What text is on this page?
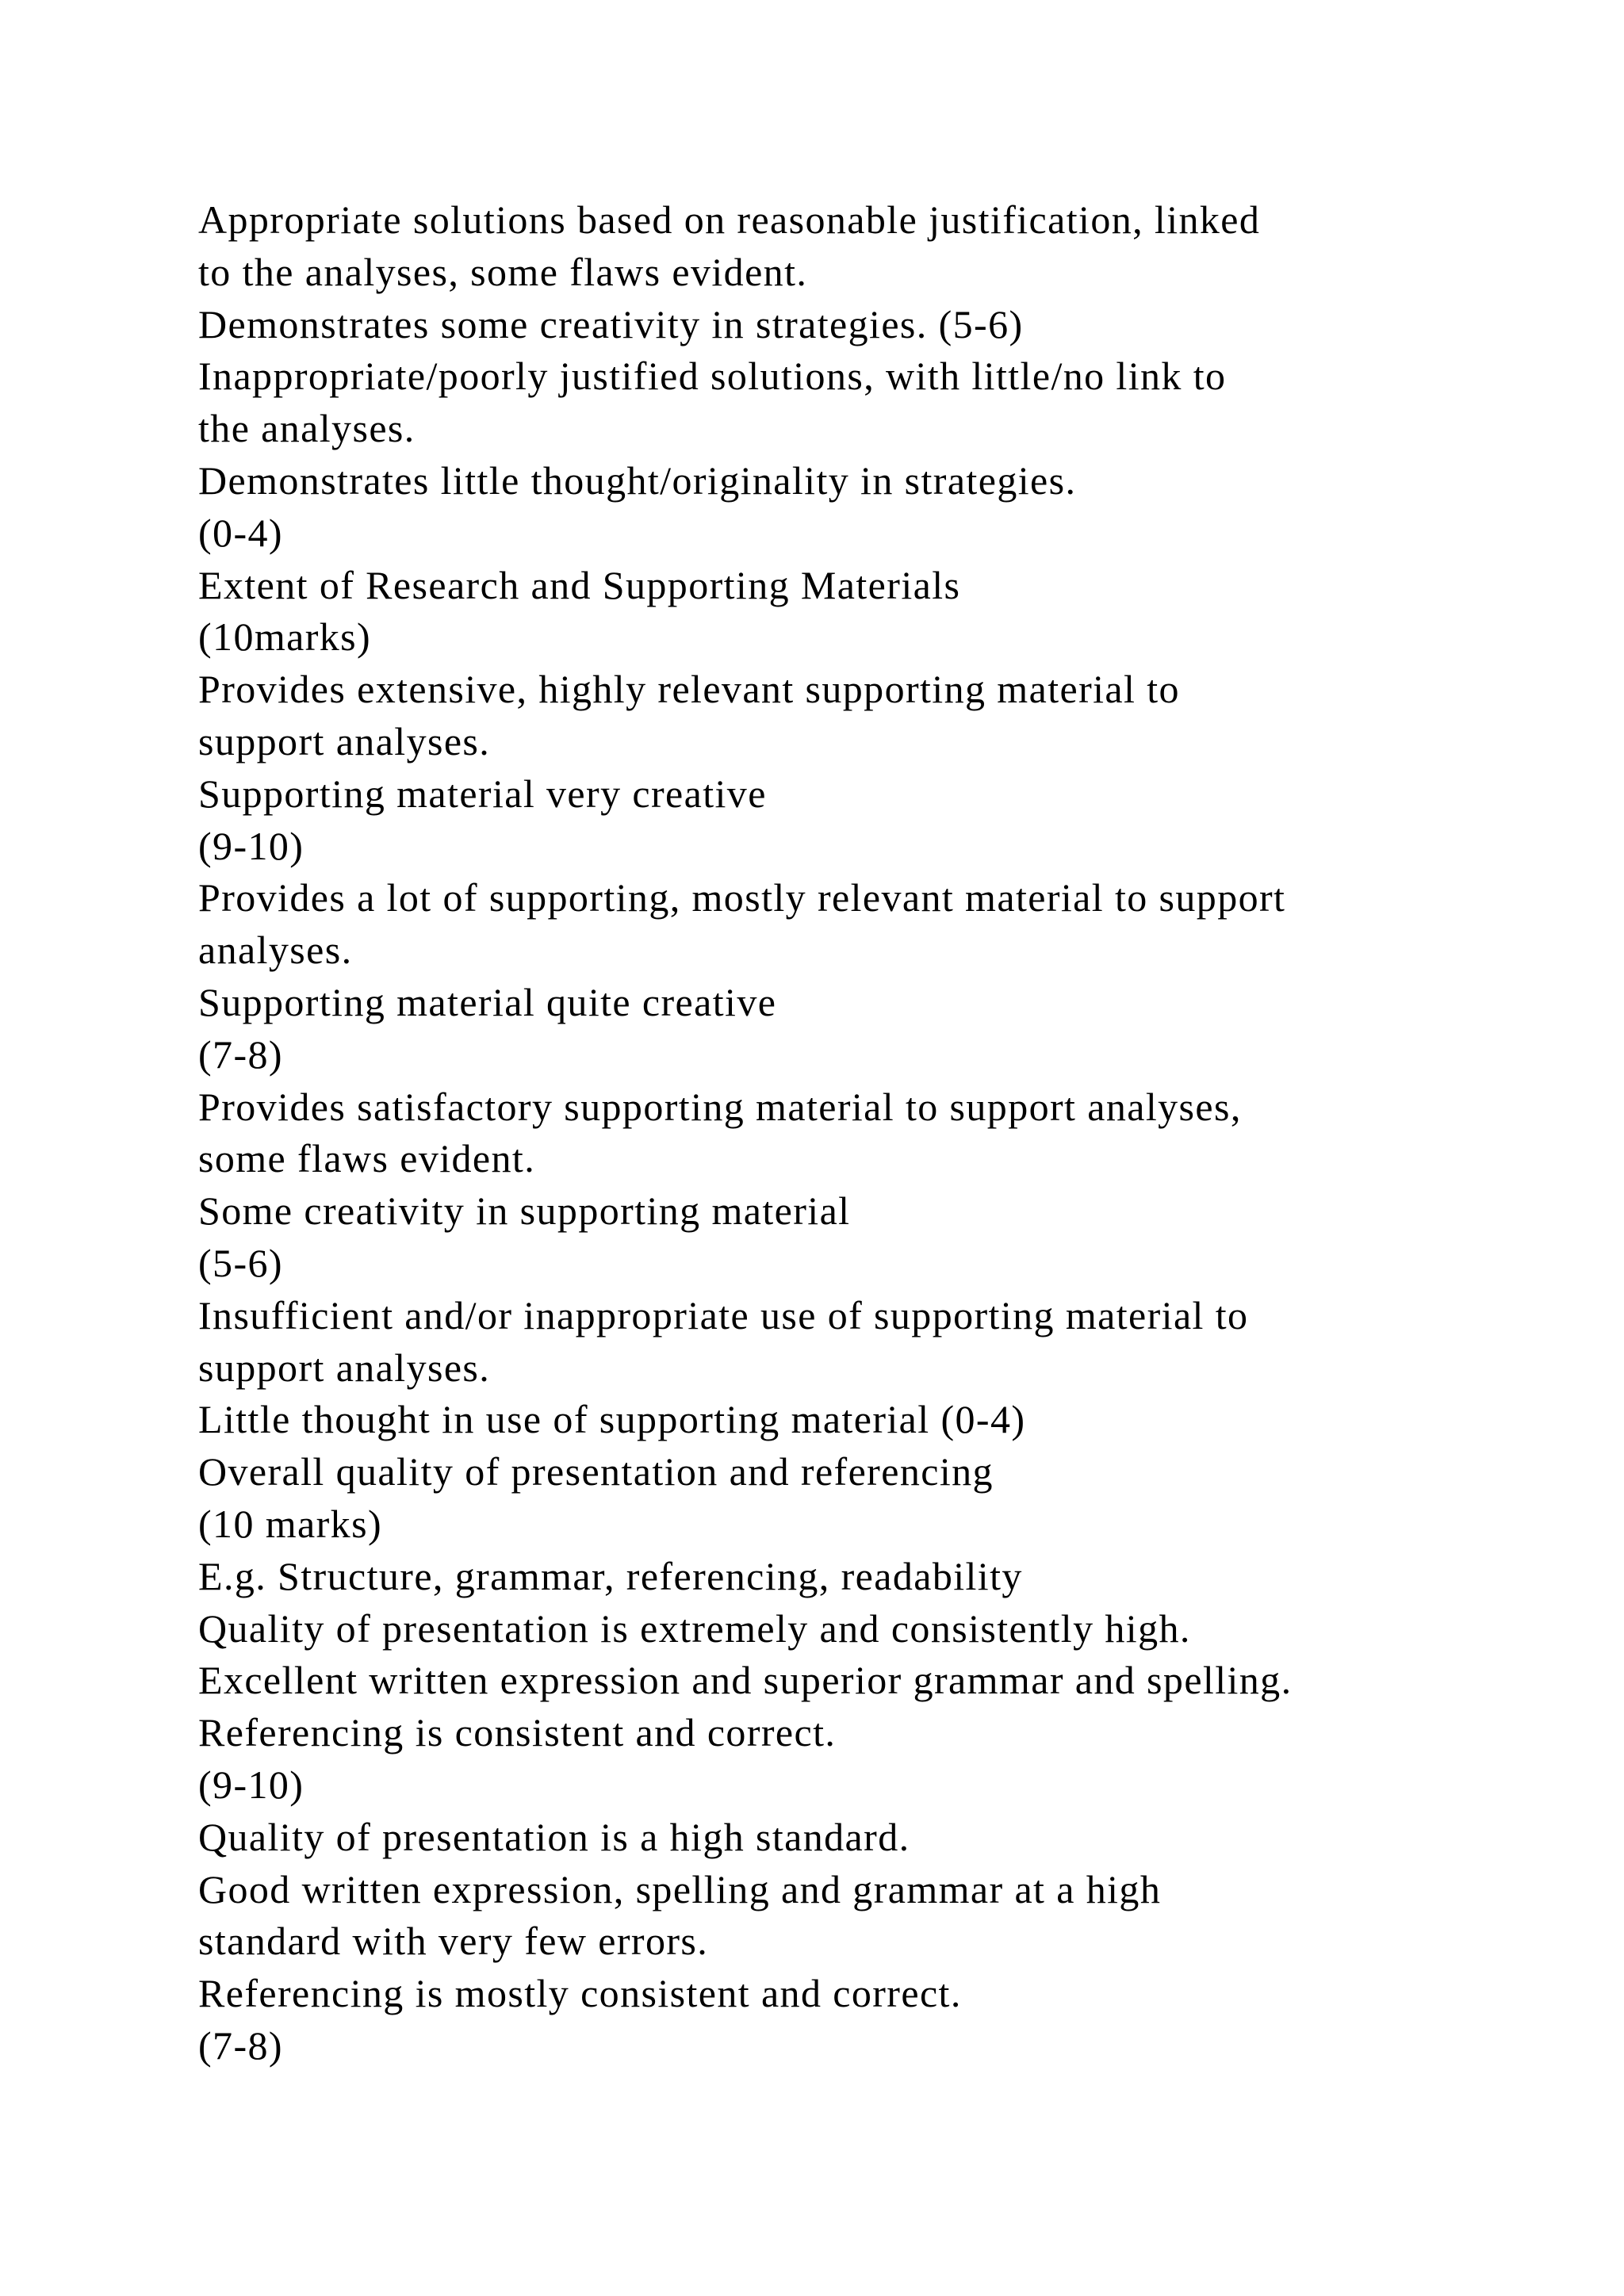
Appropriate solutions based on reasonable justification, linked
to the analyses, some flaws evident.
Demonstrates some creativity in strategies. (5-6)
Inappropriate/poorly justified solutions, with little/no link to
the analyses.
Demonstrates little thought/originality in strategies.
(0-4)
Extent of Research and Supporting Materials
(10marks)
Provides extensive, highly relevant supporting material to
support analyses.
Supporting material very creative
(9-10)
Provides a lot of supporting, mostly relevant material to support
analyses.
Supporting material quite creative
(7-8)
Provides satisfactory supporting material to support analyses,
some flaws evident.
Some creativity in supporting material
(5-6)
Insufficient and/or inappropriate use of supporting material to
support analyses.
Little thought in use of supporting material (0-4)
Overall quality of presentation and referencing
(10 marks)
E.g. Structure, grammar, referencing, readability
Quality of presentation is extremely and consistently high.
Excellent written expression and superior grammar and spelling.
Referencing is consistent and correct.
(9-10)
Quality of presentation is a high standard.
Good written expression, spelling and grammar at a high
standard with very few errors.
Referencing is mostly consistent and correct.
(7-8)
